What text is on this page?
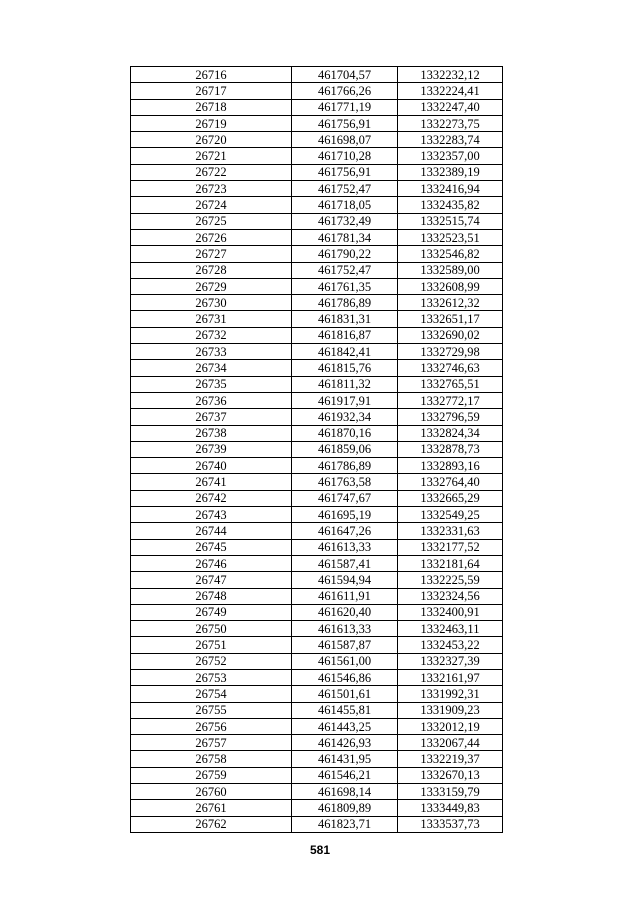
26716	461704,57	1332232,12
26717	461766,26	1332224,41
26718	461771,19	1332247,40
26719	461756,91	1332273,75
26720	461698,07	1332283,74
26721	461710,28	1332357,00
26722	461756,91	1332389,19
26723	461752,47	1332416,94
26724	461718,05	1332435,82
26725	461732,49	1332515,74
26726	461781,34	1332523,51
26727	461790,22	1332546,82
26728	461752,47	1332589,00
26729	461761,35	1332608,99
26730	461786,89	1332612,32
26731	461831,31	1332651,17
26732	461816,87	1332690,02
26733	461842,41	1332729,98
26734	461815,76	1332746,63
26735	461811,32	1332765,51
26736	461917,91	1332772,17
26737	461932,34	1332796,59
26738	461870,16	1332824,34
26739	461859,06	1332878,73
26740	461786,89	1332893,16
26741	461763,58	1332764,40
26742	461747,67	1332665,29
26743	461695,19	1332549,25
26744	461647,26	1332331,63
26745	461613,33	1332177,52
26746	461587,41	1332181,64
26747	461594,94	1332225,59
26748	461611,91	1332324,56
26749	461620,40	1332400,91
26750	461613,33	1332463,11
26751	461587,87	1332453,22
26752	461561,00	1332327,39
26753	461546,86	1332161,97
26754	461501,61	1331992,31
26755	461455,81	1331909,23
26756	461443,25	1332012,19
26757	461426,93	1332067,44
26758	461431,95	1332219,37
26759	461546,21	1332670,13
26760	461698,14	1333159,79
26761	461809,89	1333449,83
26762	461823,71	1333537,73
581
